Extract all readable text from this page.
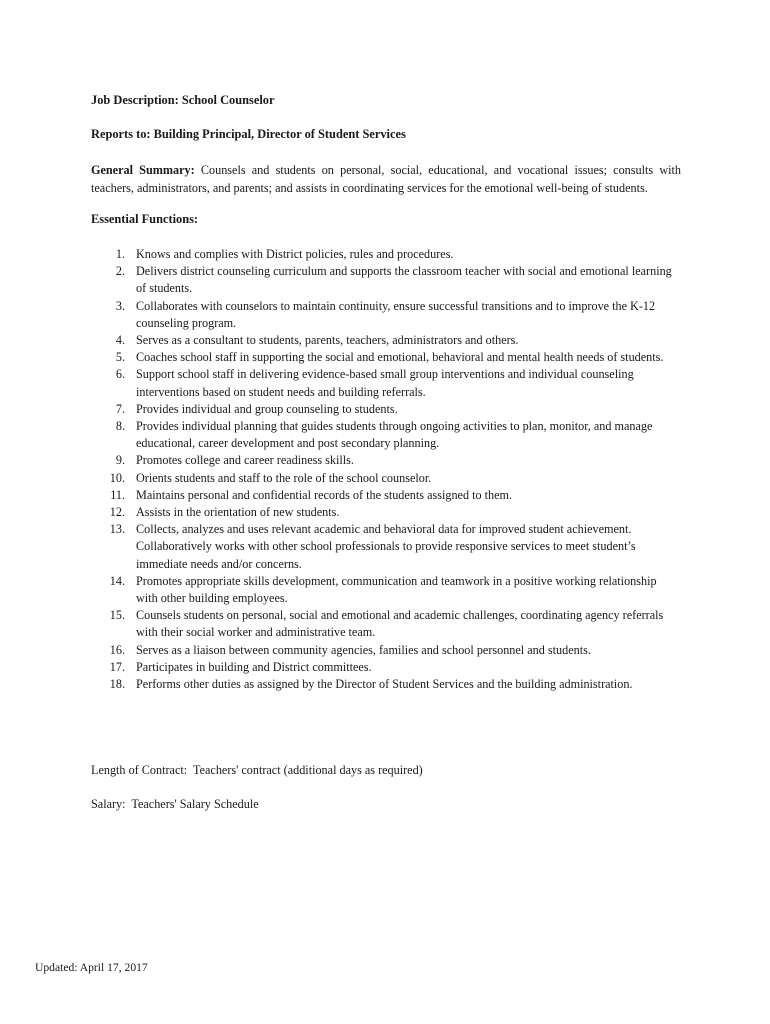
Job Description: School Counselor
Reports to: Building Principal, Director of Student Services
General Summary: Counsels and students on personal, social, educational, and vocational issues; consults with teachers, administrators, and parents; and assists in coordinating services for the emotional well-being of students.
Essential Functions:
1. Knows and complies with District policies, rules and procedures.
2. Delivers district counseling curriculum and supports the classroom teacher with social and emotional learning of students.
3. Collaborates with counselors to maintain continuity, ensure successful transitions and to improve the K-12 counseling program.
4. Serves as a consultant to students, parents, teachers, administrators and others.
5. Coaches school staff in supporting the social and emotional, behavioral and mental health needs of students.
6. Support school staff in delivering evidence-based small group interventions and individual counseling interventions based on student needs and building referrals.
7. Provides individual and group counseling to students.
8. Provides individual planning that guides students through ongoing activities to plan, monitor, and manage educational, career development and post secondary planning.
9. Promotes college and career readiness skills.
10. Orients students and staff to the role of the school counselor.
11. Maintains personal and confidential records of the students assigned to them.
12. Assists in the orientation of new students.
13. Collects, analyzes and uses relevant academic and behavioral data for improved student achievement. Collaboratively works with other school professionals to provide responsive services to meet student’s immediate needs and/or concerns.
14. Promotes appropriate skills development, communication and teamwork in a positive working relationship with other building employees.
15. Counsels students on personal, social and emotional and academic challenges, coordinating agency referrals with their social worker and administrative team.
16. Serves as a liaison between community agencies, families and school personnel and students.
17. Participates in building and District committees.
18. Performs other duties as assigned by the Director of Student Services and the building administration.
Length of Contract:  Teachers' contract (additional days as required)
Salary:  Teachers' Salary Schedule
Updated: April 17, 2017
